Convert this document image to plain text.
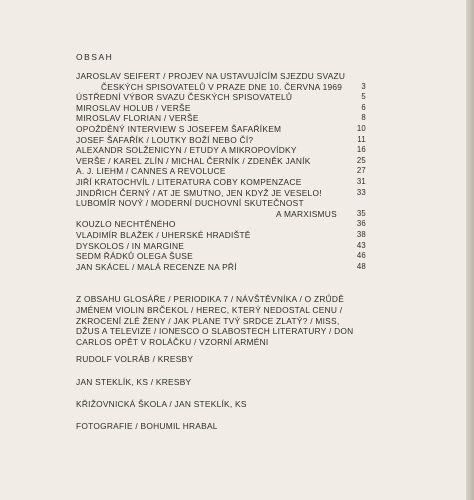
OBSAH
JAROSLAV SEIFERT / PROJEV NA USTAVUJÍCÍM SJEZDU SVAZU
ČESKÝCH SPISOVATELŮ V PRAZE DNE 10. ČERVNA 1969 3
ÚSTŘEDNÍ VÝBOR SVAZU ČESKÝCH SPISOVATELŮ	5
MIROSLAV HOLUB / VERŠE	6
MIROSLAV FLORIAN / VERŠE	8
OPOŽDĚNÝ INTERVIEW S JOSEFEM ŠAFAŘÍKEM	10
JOSEF ŠAFAŘÍK / LOUTKY BOŽÍ NEBO ČÍ?	11
ALEXANDR SOLŽENICYN / ETUDY A MIKROPOVÍDKY	16
VERŠE / KAREL ZLÍN / MICHAL ČERNÍK / ZDENĚK JANÍK	25
A. J. LIEHM / CANNES A REVOLUCE	27
JIŘÍ KRATOCHVÍL / LITERATURA COBY KOMPENZACE	31
JINDŘICH ČERNÝ / AT JE SMUTNO, JEN KDYŽ JE VESELO!	33
LUBOMÍR NOVÝ / MODERNÍ DUCHOVNÍ SKUTEČNOST
A MARXISMUS	35
KOUZLO NECHTĚNÉHO	36
VLADIMÍR BLAŽEK / UHERSKÉ HRADIŠTĚ	38
DYSKOLOS / IN MARGINE	43
SEDM ŘÁDKŮ OLEGA ŠUSE	46
JAN SKÁCEL / MALÁ RECENZE NA PŘÍ	48
Z OBSAHU GLOSÁŘE / PERIODIKA 7 / NÁVŠTĚVNÍKA / O ZRŮDĚ
JMÉNEM VIOLIN BRČEKOL / HEREC, KTERÝ NEDOSTAL CENU /
ZKROCENÍ ZLÉ ŽENY / JAK PLANE TVÝ SRDCE ZLATÝ? / MISS,
DŽUS A TELEVIZE / IONESCO O SLABOSTECH LITERATURY / DON
CARLOS OPĚT V ROLÁČKU / VZORNÍ ARMÉNI
RUDOLF VOLRÁB / KRESBY
JAN STEKLÍK, KS / KRESBY
KŘIŽOVNICKÁ ŠKOLA / JAN STEKLÍK, KS
FOTOGRAFIE / BOHUMIL HRABAL
